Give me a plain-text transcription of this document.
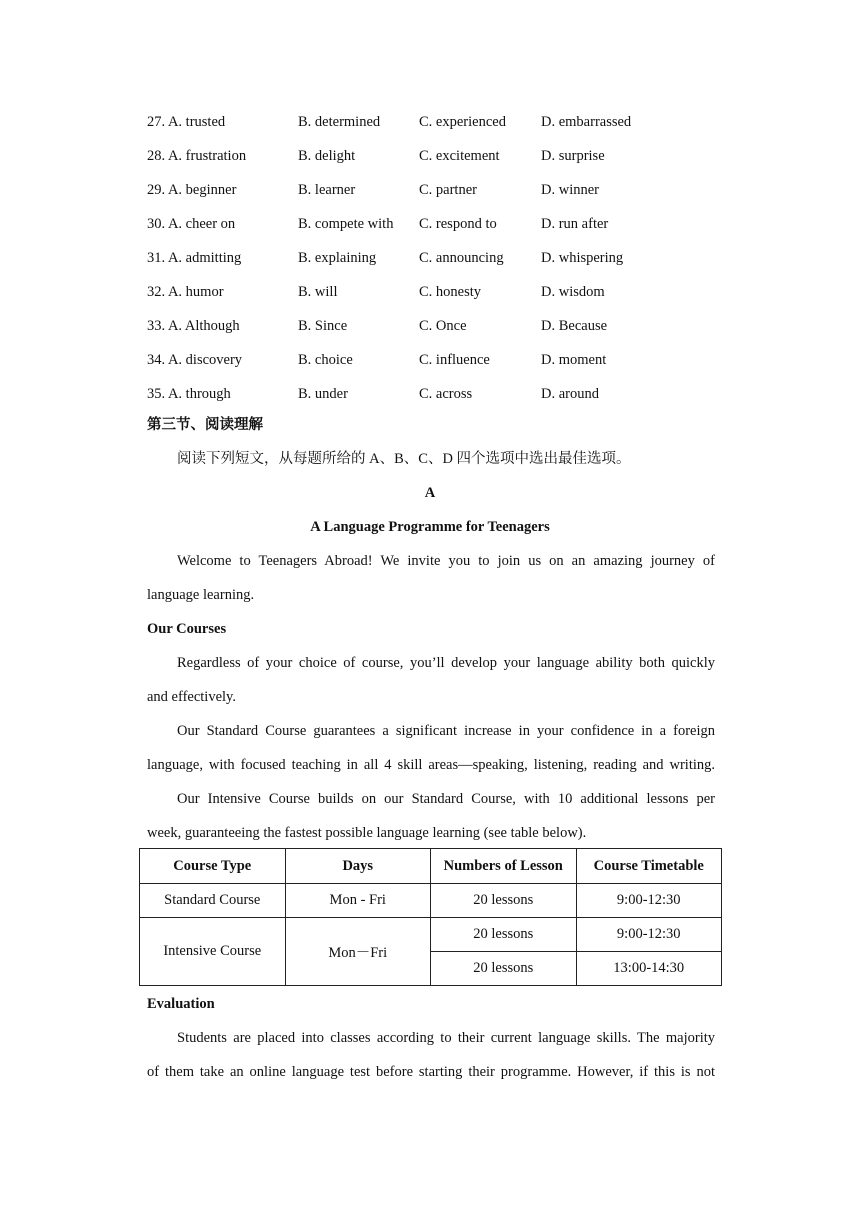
27. A. trusted	B. determined	C. experienced D. embarrassed
28. A. frustration	B. delight	C. excitement	D. surprise
29. A. beginner	B. learner	C. partner	D. winner
30. A. cheer on	B. compete with C. respond to	D. run after
31. A. admitting	B. explaining	C. announcing	D. whispering
32. A. humor	B. will	C. honesty	D. wisdom
33. A. Although	B. Since	C. Once	D. Because
34. A. discovery	B. choice	C. influence	D. moment
35. A. through	B. under	C. across	D. around
第三节、阅读理解
阅读下列短文，从每题所给的 A、B、C、D 四个选项中选出最佳选项。
A
A Language Programme for Teenagers
Welcome to Teenagers Abroad! We invite you to join us on an amazing journey of
language learning.
Our Courses
Regardless of your choice of course, you’ll develop your language ability both quickly
and effectively.
Our Standard Course guarantees a significant increase in your confidence in a foreign
language, with focused teaching in all 4 skill areas—speaking, listening, reading and writing.
Our Intensive Course builds on our Standard Course, with 10 additional lessons per
week, guaranteeing the fastest possible language learning (see table below).
Course Type	Days	Numbers of Lesson	Course Timetable
Standard Course	Mon - Fri	20 lessons	9:00-12:30
Intensive Course	Mon－Fri	20 lessons	9:00-12:30
		20 lessons	13:00-14:30
Evaluation
Students are placed into classes according to their current language skills. The majority
of them take an online language test before starting their programme. However, if this is not
